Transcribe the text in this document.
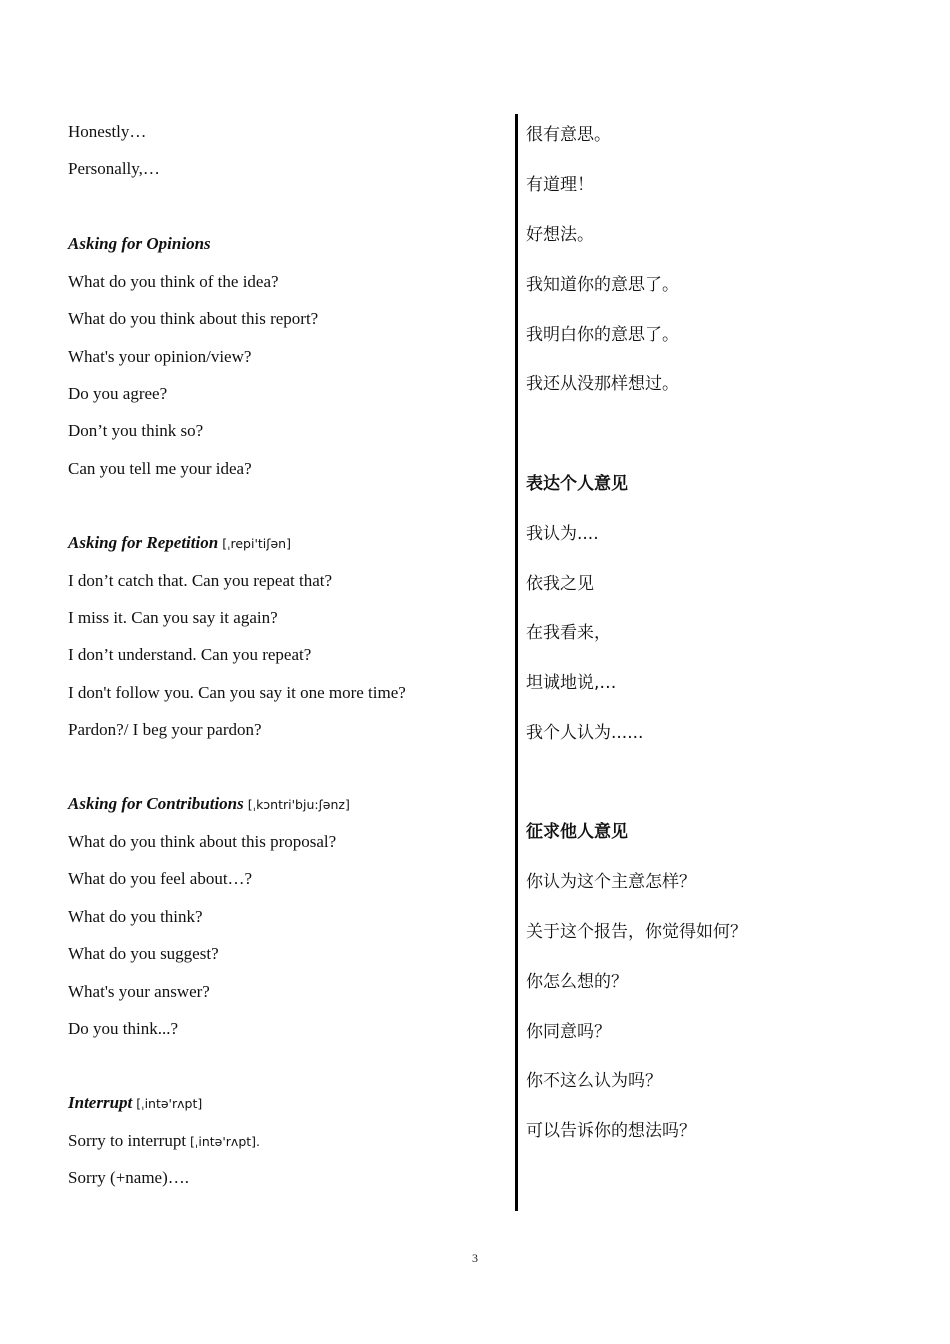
Honestly…
Personally,…
Asking for Opinions
What do you think of the idea?
What do you think about this report?
What's your opinion/view?
Do you agree?
Don’t you think so?
Can you tell me your idea?
Asking for Repetition [ˌrepi'tiʃən]
I don’t catch that. Can you repeat that?
I miss it. Can you say it again?
I don’t understand. Can you repeat?
I don't follow you. Can you say it one more time?
Pardon?/ I beg your pardon?
Asking for Contributions [ˌkɔntri'bju:ʃənz]
What do you think about this proposal?
What do you feel about…?
What do you think?
What do you suggest?
What's your answer?
Do you think...?
Interrupt [ˌintə'rʌpt]
Sorry to interrupt [ˌintə'rʌpt].
Sorry (+name)….
很有意思。
有道理！
好想法。
我知道你的意思了。
我明白你的意思了。
我还从没那样想过。
表达个人意见
我认为....
依我之见
在我看来，
坦诚地说,…
我个人认为......
征求他人意见
你认为这个主意怎样？
关于这个报告，你觉得如何？
你怎么想的？
你同意吗？
你不这么认为吗？
可以告诉你的想法吗？
3
